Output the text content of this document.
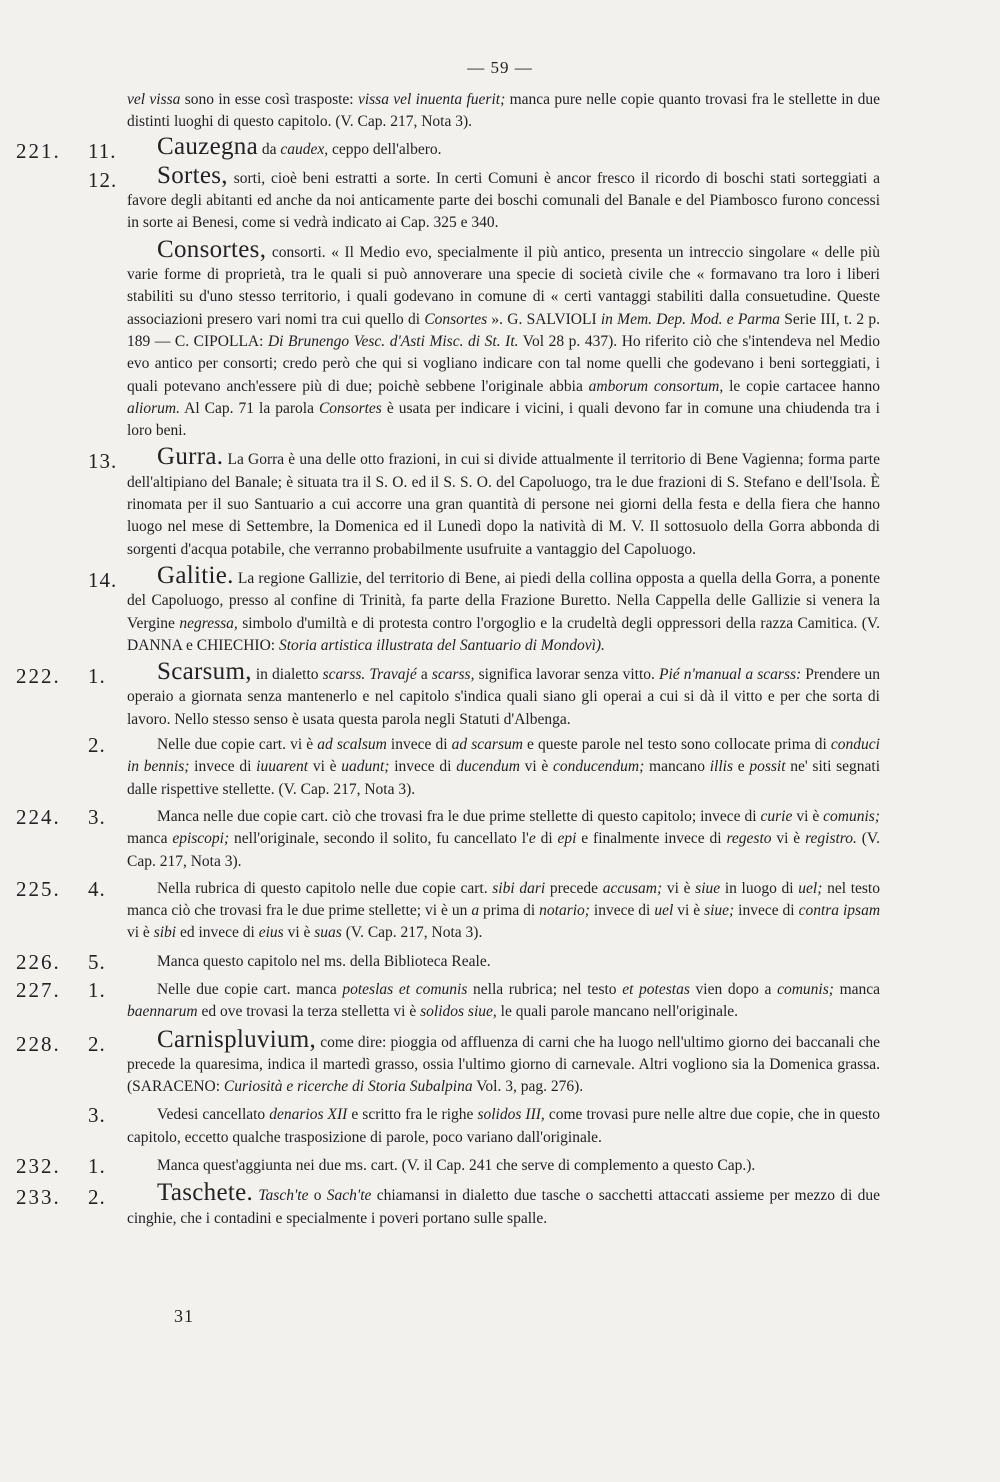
— 59 —
vel vissa sono in esse così trasposte: vissa vel inuenta fuerit; manca pure nelle copie quanto trovasi fra le stellette in due distinti luoghi di questo capitolo. (V. Cap. 217, Nota 3).
221. 11. Cauzegna da caudex, ceppo dell'albero.
12. Sortes, sorti, cioè beni estratti a sorte. In certi Comuni è ancor fresco il ricordo di boschi stati sorteggiati a favore degli abitanti ed anche da noi anticamente parte dei boschi comunali del Banale e del Piambosco furono concessi in sorte ai Benesi, come si vedrà indicato ai Cap. 325 e 340.
Consortes, consorti. « Il Medio evo, specialmente il più antico, presenta un intreccio singolare « delle più varie forme di proprietà, tra le quali si può annoverare una specie di società civile che « formavano tra loro i liberi stabiliti su d'uno stesso territorio, i quali godevano in comune di « certi vantaggi stabiliti dalla consuetudine. Queste associazioni presero vari nomi tra cui quello di Consortes ». G. SALVIOLI in Mem. Dep. Mod. e Parma Serie III, t. 2 p. 189 — C. CIPOLLA: Di Brunengo Vesc. d'Asti Misc. di St. It. Vol 28 p. 437). Ho riferito ciò che s'intendeva nel Medio evo antico per consorti; credo però che qui si vogliano indicare con tal nome quelli che godevano i beni sorteggiati, i quali potevano anch'essere più di due; poichè sebbene l'originale abbia amborum consortum, le copie cartacee hanno aliorum. Al Cap. 71 la parola Consortes è usata per indicare i vicini, i quali devono far in comune una chiudenda tra i loro beni.
13. Gurra. La Gorra è una delle otto frazioni, in cui si divide attualmente il territorio di Bene Vagienna; forma parte dell'altipiano del Banale; è situata tra il S. O. ed il S. S. O. del Capoluogo, tra le due frazioni di S. Stefano e dell'Isola. È rinomata per il suo Santuario a cui accorre una gran quantità di persone nei giorni della festa e della fiera che hanno luogo nel mese di Settembre, la Domenica ed il Lunedì dopo la natività di M. V. Il sottosuolo della Gorra abbonda di sorgenti d'acqua potabile, che verranno probabilmente usufruite a vantaggio del Capoluogo.
14. Galitie. La regione Gallizie, del territorio di Bene, ai piedi della collina opposta a quella della Gorra, a ponente del Capoluogo, presso al confine di Trinità, fa parte della Frazione Buretto. Nella Cappella delle Gallizie si venera la Vergine negressa, simbolo d'umiltà e di protesta contro l'orgoglio e la crudeltà degli oppressori della razza Camitica. (V. DANNA e CHIECHIO: Storia artistica illustrata del Santuario di Mondovì).
222. 1. Scarsum, in dialetto scarss. Travajé a scarss, significa lavorar senza vitto. Pié n'manual a scarss: Prendere un operaio a giornata senza mantenerlo e nel capitolo s'indica quali siano gli operai a cui si dà il vitto e per che sorta di lavoro. Nello stesso senso è usata questa parola negli Statuti d'Albenga.
2.	Nelle due copie cart. vi è ad scalsum invece di ad scarsum e queste parole nel testo sono collocate prima di conduci in bennis; invece di iuuarent vi è uadunt; invece di ducendum vi è conducendum; mancano illis e possit ne' siti segnati dalle rispettive stellette. (V. Cap. 217, Nota 3).
224. 3.	Manca nelle due copie cart. ciò che trovasi fra le due prime stellette di questo capitolo; invece di curie vi è comunis; manca episcopi; nell'originale, secondo il solito, fu cancellato l'e di epi e finalmente invece di regesto vi è registro. (V. Cap. 217, Nota 3).
225. 4.	Nella rubrica di questo capitolo nelle due copie cart. sibi dari precede accusam; vi è siue in luogo di uel; nel testo manca ciò che trovasi fra le due prime stellette; vi è un a prima di notario; invece di uel vi è siue; invece di contra ipsam vi è sibi ed invece di eius vi è suas (V. Cap. 217, Nota 3).
226. 5.	Manca questo capitolo nel ms. della Biblioteca Reale.
227. 1.	Nelle due copie cart. manca poteslas et comunis nella rubrica; nel testo et potestas vien dopo a comunis; manca baennarum ed ove trovasi la terza stelletta vi è solidos siue, le quali parole mancano nell'originale.
228. 2. Carnispluvium, come dire: pioggia od affluenza di carni che ha luogo nell'ultimo giorno dei baccanali che precede la quaresima, indica il martedì grasso, ossia l'ultimo giorno di carnevale. Altri vogliono sia la Domenica grassa. (SARACENO: Curiosità e ricerche di Storia Subalpina Vol. 3, pag. 276).
3.	Vedesi cancellato denarios XII e scritto fra le righe solidos III, come trovasi pure nelle altre due copie, che in questo capitolo, eccetto qualche trasposizione di parole, poco variano dall'originale.
232. 1.	Manca quest'aggiunta nei due ms. cart. (V. il Cap. 241 che serve di complemento a questo Cap.).
233. 2. Taschete. Tasch'te o Sach'te chiamansi in dialetto due tasche o sacchetti attaccati assieme per mezzo di due cinghie, che i contadini e specialmente i poveri portano sulle spalle.
31
